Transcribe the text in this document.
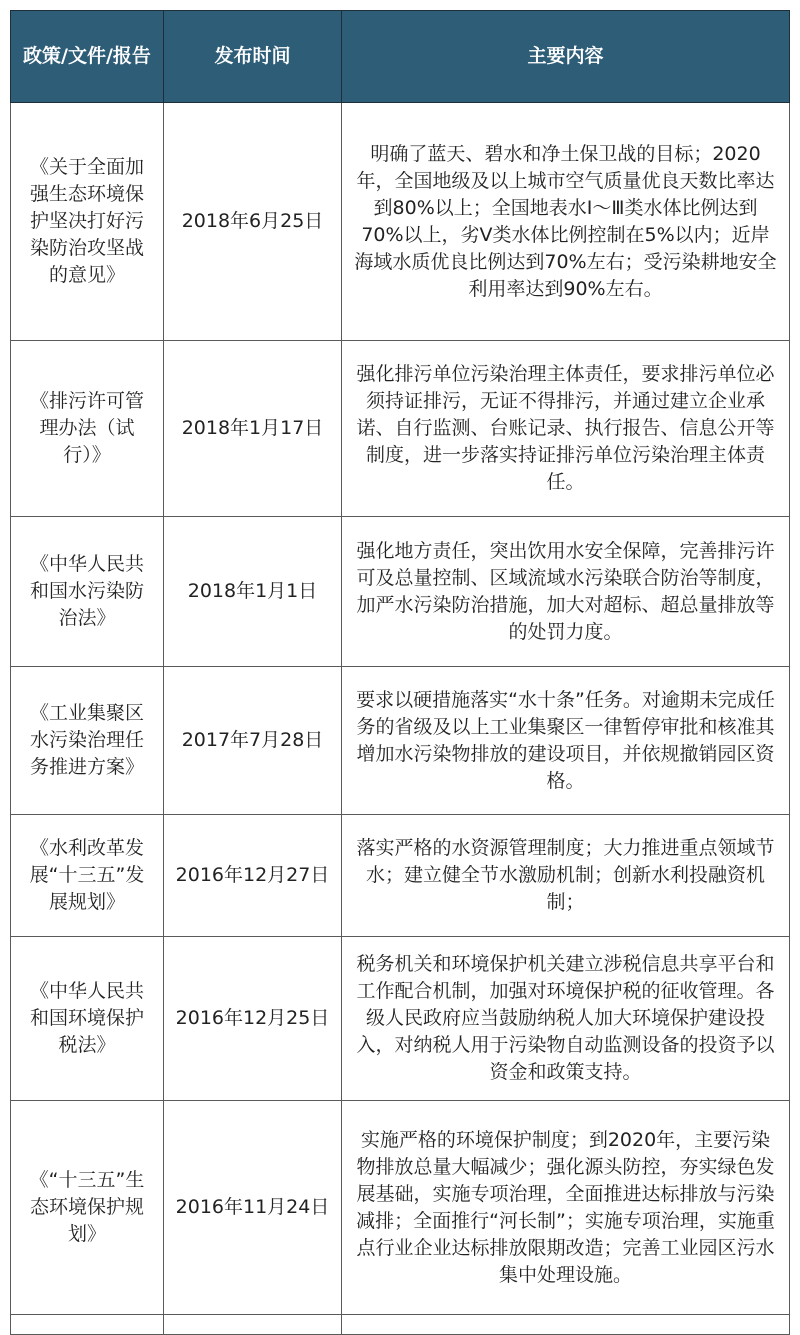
政策/文件/报告	发布时间	主要内容
《关于全面加强生态环境保护坚决打好污染防治攻坚战的意见》	2018年6月25日	明确了蓝天、碧水和净土保卫战的目标；2020年，全国地级及以上城市空气质量优良天数比率达到80%以上；全国地表水Ⅰ～Ⅲ类水体比例达到70%以上，劣Ⅴ类水体比例控制在5%以内；近岸海域水质优良比例达到70%左右；受污染耕地安全利用率达到90%左右。
《排污许可管理办法（试行）》	2018年1月17日	强化排污单位污染治理主体责任，要求排污单位必须持证排污，无证不得排污，并通过建立企业承诺、自行监测、台账记录、执行报告、信息公开等制度，进一步落实持证排污单位污染治理主体责任。
《中华人民共和国水污染防治法》	2018年1月1日	强化地方责任，突出饮用水安全保障，完善排污许可及总量控制、区域流域水污染联合防治等制度，加严水污染防治措施，加大对超标、超总量排放等的处罚力度。
《工业集聚区水污染治理任务推进方案》	2017年7月28日	要求以硬措施落实“水十条”任务。对逾期未完成任务的省级及以上工业集聚区一律暂停审批和核准其增加水污染物排放的建设项目，并依规撤销园区资格。
《水利改革发展“十三五”发展规划》	2016年12月27日	落实严格的水资源管理制度；大力推进重点领域节水；建立健全节水激励机制；创新水利投融资机制；
《中华人民共和国环境保护税法》	2016年12月25日	税务机关和环境保护机关建立涉税信息共享平台和工作配合机制，加强对环境保护税的征收管理。各级人民政府应当鼓励纳税人加大环境保护建设投入，对纳税人用于污染物自动监测设备的投资予以资金和政策支持。
《“十三五”生态环境保护规划》	2016年11月24日	实施严格的环境保护制度；到2020年，主要污染物排放总量大幅减少；强化源头防控，夯实绿色发展基础，实施专项治理，全面推进达标排放与污染减排；全面推行“河长制”；实施专项治理，实施重点行业企业达标排放限期改造；完善工业园区污水集中处理设施。
